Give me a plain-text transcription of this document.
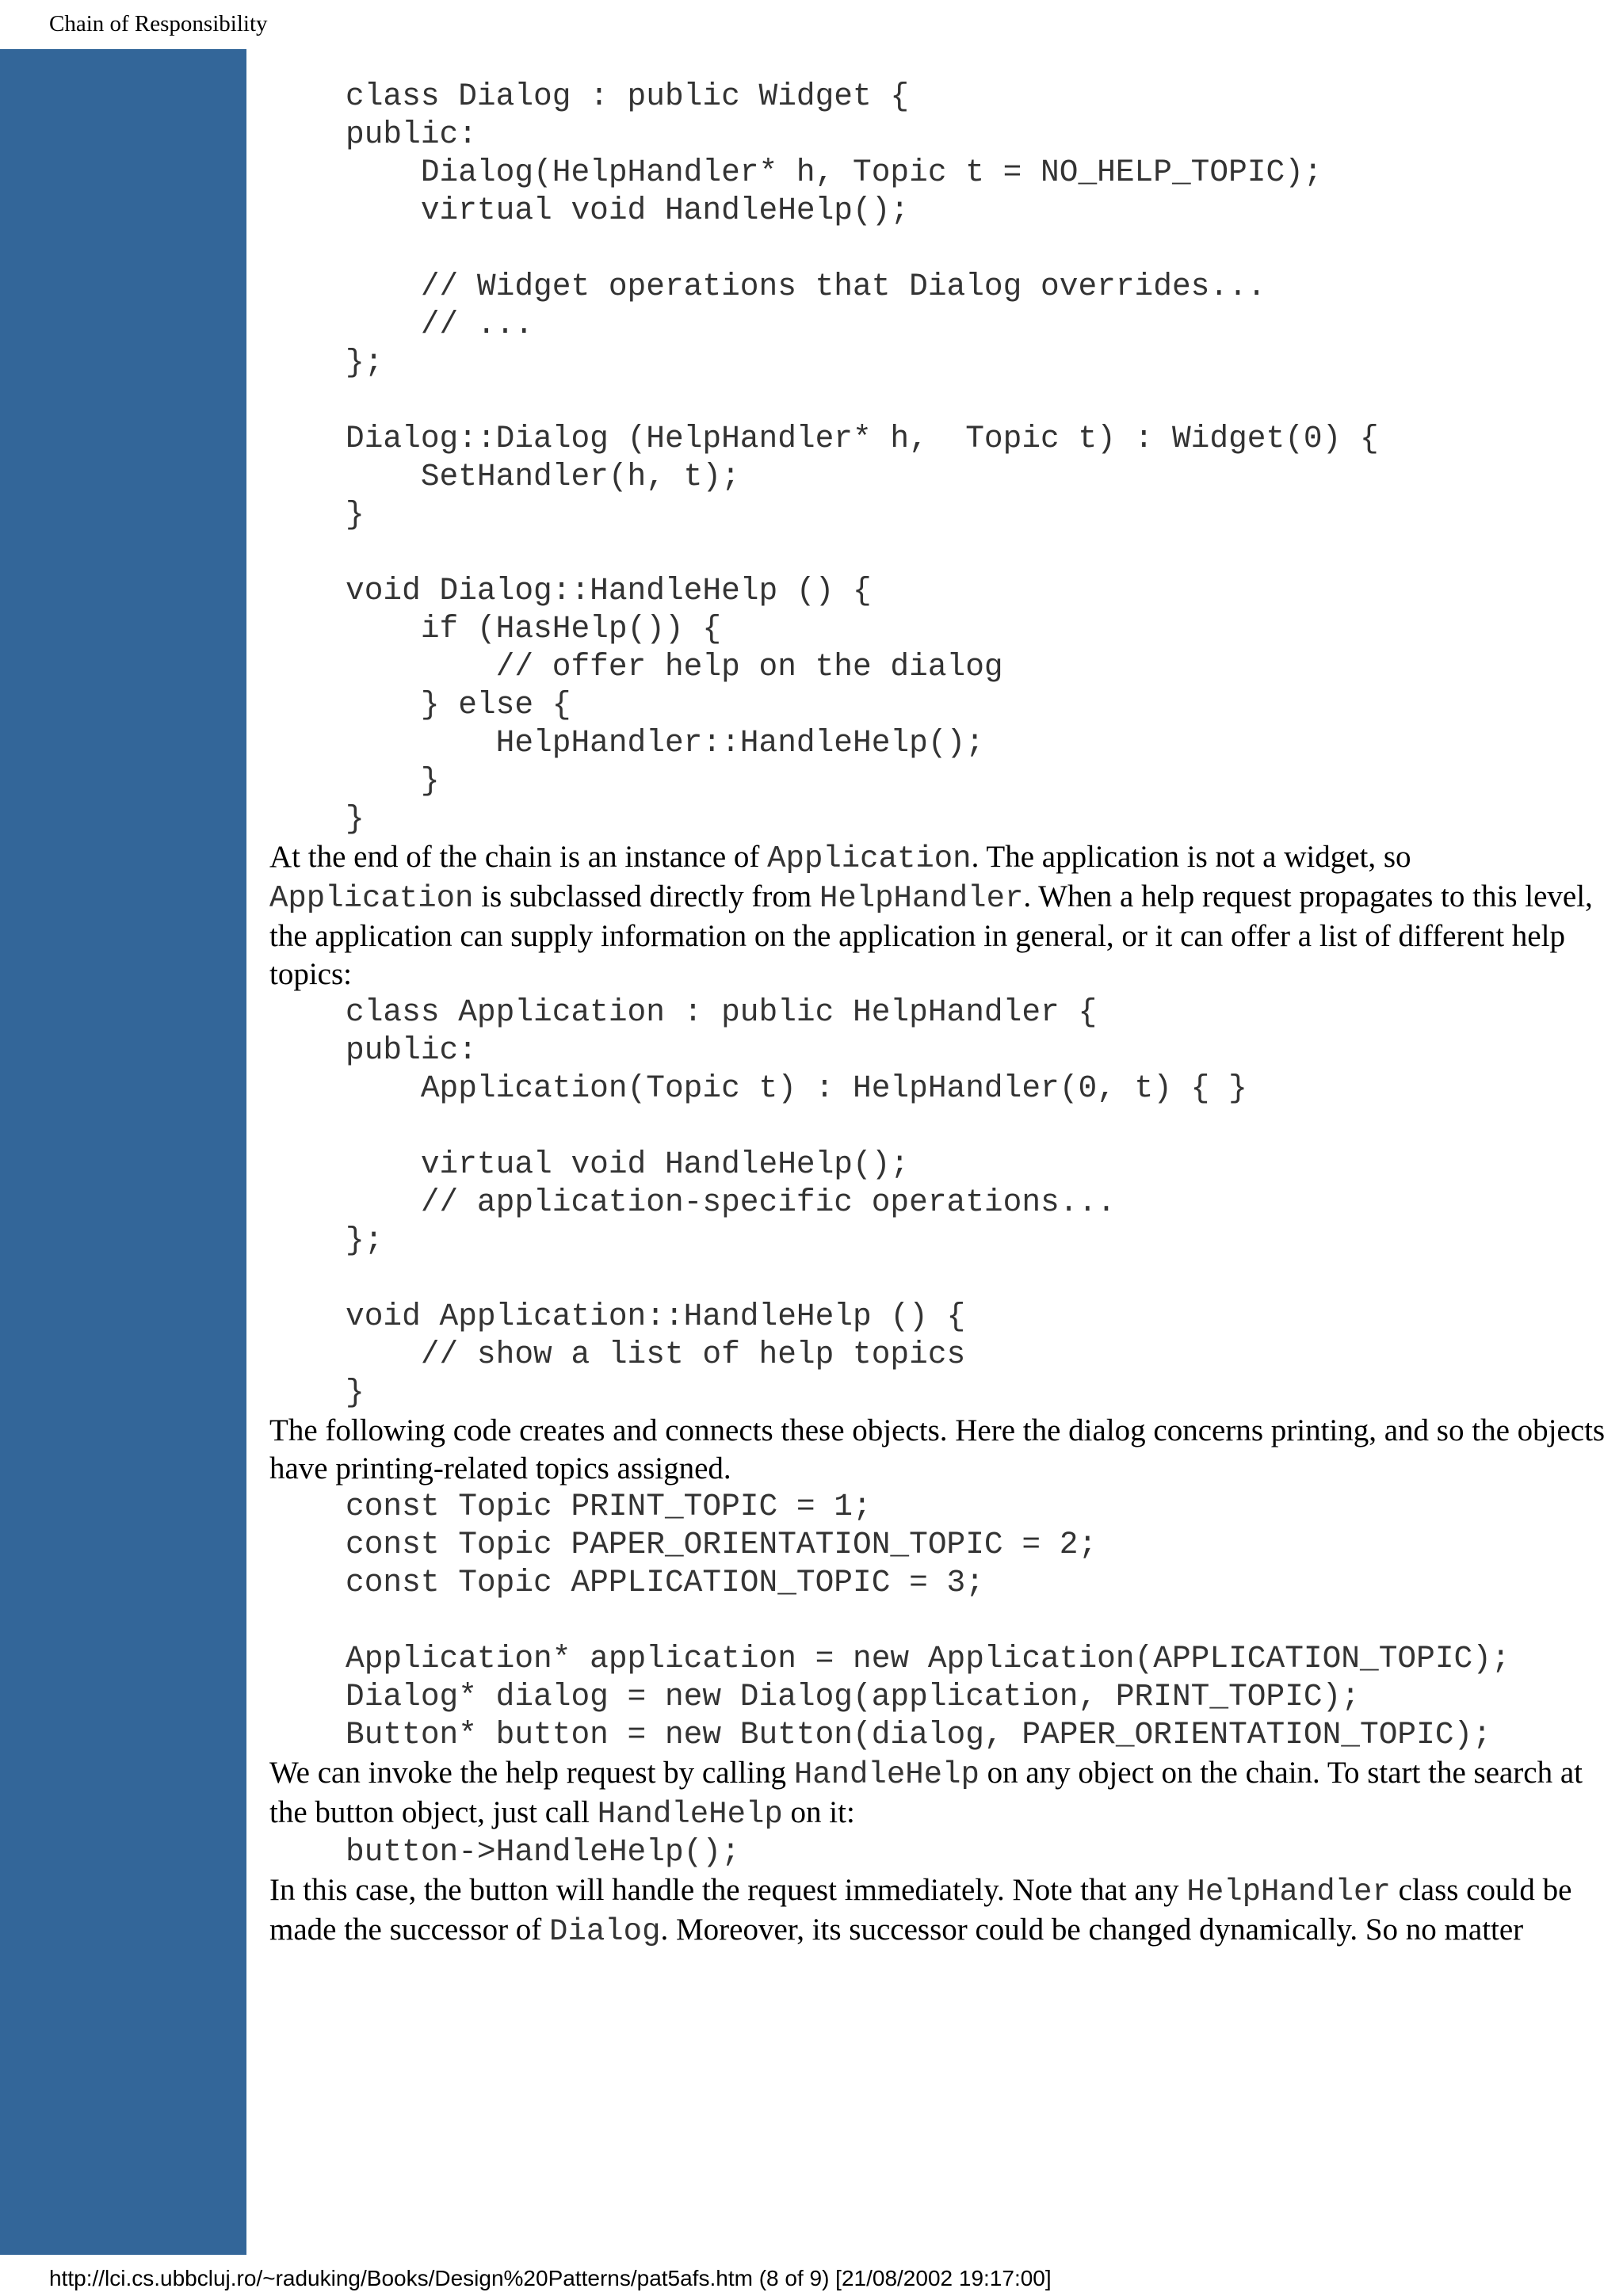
Chain of Responsibility
class Dialog : public Widget {
public:
Dialog(HelpHandler* h, Topic t = NO_HELP_TOPIC);
virtual void HandleHelp();

// Widget operations that Dialog overrides...
// ...
};

Dialog::Dialog (HelpHandler* h,  Topic t) : Widget(0) {
SetHandler(h, t);
}

void Dialog::HandleHelp () {
if (HasHelp()) {
// offer help on the dialog
} else {
HelpHandler::HandleHelp();
}
}

At the end of the chain is an instance of Application. The application is not a widget, so Application is subclassed directly from HelpHandler. When a help request propagates to this level, the application can supply information on the application in general, or it can offer a list of different help topics:

class Application : public HelpHandler {
public:
Application(Topic t) : HelpHandler(0, t) { }

virtual void HandleHelp();
// application-specific operations...
};

void Application::HandleHelp () {
// show a list of help topics
}

The following code creates and connects these objects. Here the dialog concerns printing, and so the objects have printing-related topics assigned.

const Topic PRINT_TOPIC = 1;
const Topic PAPER_ORIENTATION_TOPIC = 2;
const Topic APPLICATION_TOPIC = 3;

Application* application = new Application(APPLICATION_TOPIC);
Dialog* dialog = new Dialog(application, PRINT_TOPIC);
Button* button = new Button(dialog, PAPER_ORIENTATION_TOPIC);

We can invoke the help request by calling HandleHelp on any object on the chain. To start the search at the button object, just call HandleHelp on it:

button->HandleHelp();

In this case, the button will handle the request immediately. Note that any HelpHandler class could be made the successor of Dialog. Moreover, its successor could be changed dynamically. So no matter

http://lci.cs.ubbcluj.ro/~raduking/Books/Design%20Patterns/pat5afs.htm (8 of 9) [21/08/2002 19:17:00]
